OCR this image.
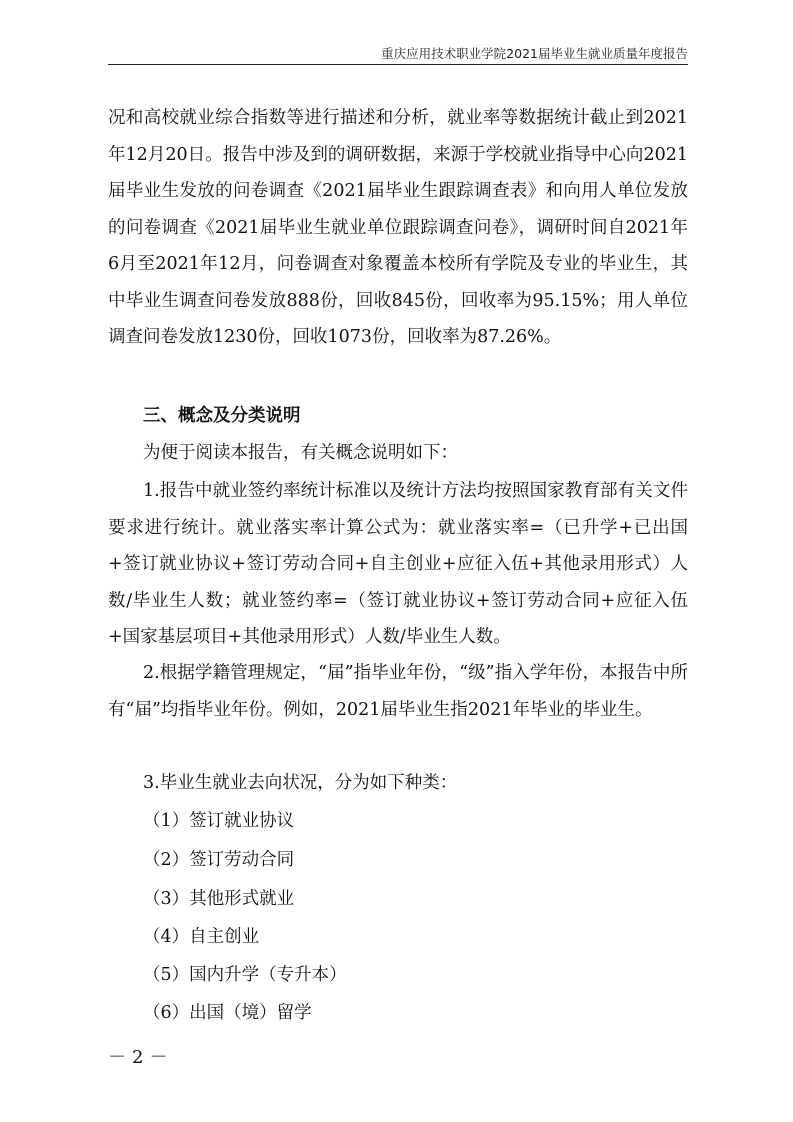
重庆应用技术职业学院2021届毕业生就业质量年度报告

况和高校就业综合指数等进行描述和分析，就业率等数据统计截止到2021年12月20日。报告中涉及到的调研数据，来源于学校就业指导中心向2021届毕业生发放的问卷调查《2021届毕业生跟踪调查表》和向用人单位发放的问卷调查《2021届毕业生就业单位跟踪调查问卷》，调研时间自2021年6月至2021年12月，问卷调查对象覆盖本校所有学院及专业的毕业生，其中毕业生调查问卷发放888份，回收845份，回收率为95.15%；用人单位调查问卷发放1230份，回收1073份，回收率为87.26%。

三、概念及分类说明

为便于阅读本报告，有关概念说明如下：

1.报告中就业签约率统计标准以及统计方法均按照国家教育部有关文件要求进行统计。就业落实率计算公式为：就业落实率=（已升学+已出国+签订就业协议+签订劳动合同+自主创业+应征入伍+其他录用形式）人数/毕业生人数；就业签约率=（签订就业协议+签订劳动合同+应征入伍+国家基层项目+其他录用形式）人数/毕业生人数。

2.根据学籍管理规定，“届”指毕业年份，“级”指入学年份，本报告中所有“届”均指毕业年份。例如，2021届毕业生指2021年毕业的毕业生。

3.毕业生就业去向状况，分为如下种类：

（1）签订就业协议

（2）签订劳动合同

（3）其他形式就业

（4）自主创业

（5）国内升学（专升本）

（6）出国（境）留学

－2－
